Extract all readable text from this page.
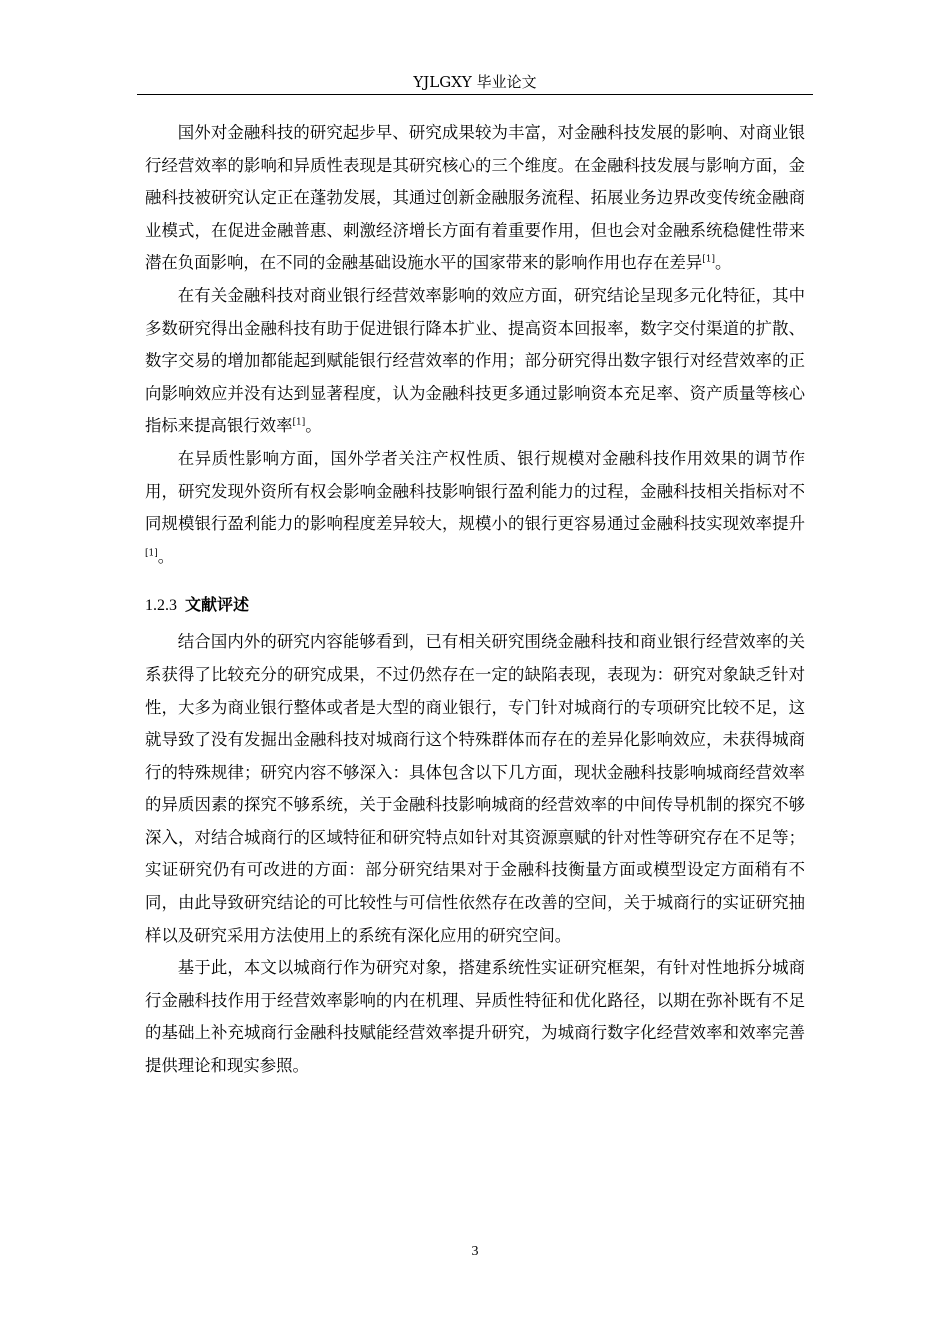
YJLGXY 毕业论文

国外对金融科技的研究起步早、研究成果较为丰富，对金融科技发展的影响、对商业银行经营效率的影响和异质性表现是其研究核心的三个维度。在金融科技发展与影响方面，金融科技被研究认定正在蓬勃发展，其通过创新金融服务流程、拓展业务边界改变传统金融商业模式，在促进金融普惠、刺激经济增长方面有着重要作用，但也会对金融系统稳健性带来潜在负面影响，在不同的金融基础设施水平的国家带来的影响作用也存在差异[1]。

在有关金融科技对商业银行经营效率影响的效应方面，研究结论呈现多元化特征，其中多数研究得出金融科技有助于促进银行降本扩业、提高资本回报率，数字交付渠道的扩散、数字交易的增加都能起到赋能银行经营效率的作用；部分研究得出数字银行对经营效率的正向影响效应并没有达到显著程度，认为金融科技更多通过影响资本充足率、资产质量等核心指标来提高银行效率[1]。

在异质性影响方面，国外学者关注产权性质、银行规模对金融科技作用效果的调节作用，研究发现外资所有权会影响金融科技影响银行盈利能力的过程，金融科技相关指标对不同规模银行盈利能力的影响程度差异较大，规模小的银行更容易通过金融科技实现效率提升[1]。

1.2.3 文献评述

结合国内外的研究内容能够看到，已有相关研究围绕金融科技和商业银行经营效率的关系获得了比较充分的研究成果，不过仍然存在一定的缺陷表现，表现为：研究对象缺乏针对性，大多为商业银行整体或者是大型的商业银行，专门针对城商行的专项研究比较不足，这就导致了没有发掘出金融科技对城商行这个特殊群体而存在的差异化影响效应，未获得城商行的特殊规律；研究内容不够深入：具体包含以下几方面，现状金融科技影响城商经营效率的异质因素的探究不够系统，关于金融科技影响城商的经营效率的中间传导机制的探究不够深入，对结合城商行的区域特征和研究特点如针对其资源禀赋的针对性等研究存在不足等；实证研究仍有可改进的方面：部分研究结果对于金融科技衡量方面或模型设定方面稍有不同，由此导致研究结论的可比较性与可信性依然存在改善的空间，关于城商行的实证研究抽样以及研究采用方法使用上的系统有深化应用的研究空间。

基于此，本文以城商行作为研究对象，搭建系统性实证研究框架，有针对性地拆分城商行金融科技作用于经营效率影响的内在机理、异质性特征和优化路径，以期在弥补既有不足的基础上补充城商行金融科技赋能经营效率提升研究，为城商行数字化经营效率和效率完善提供理论和现实参照。

3
